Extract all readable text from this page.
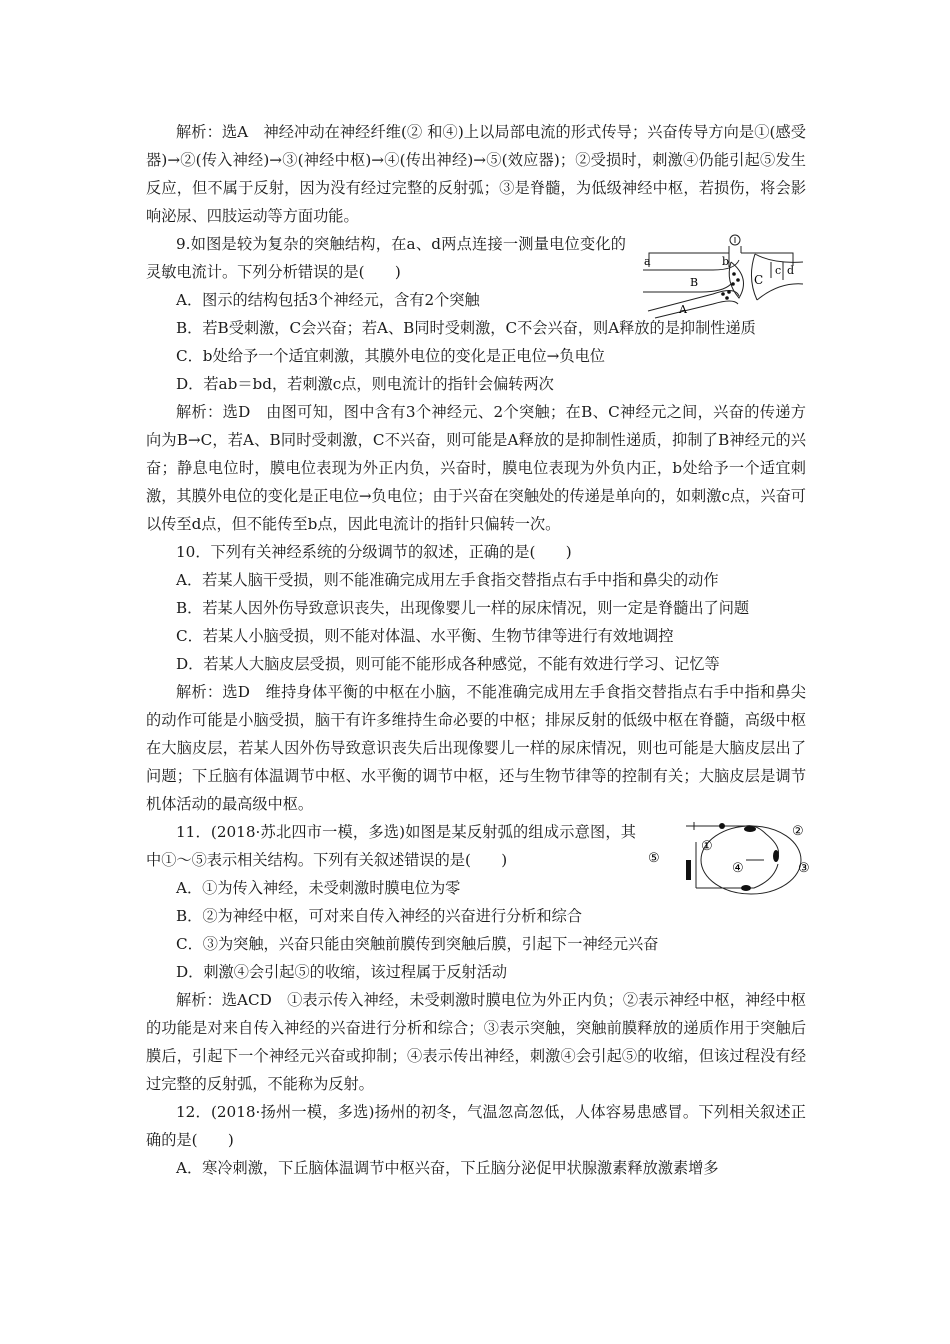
解析：选A　神经冲动在神经纤维(② 和④)上以局部电流的形式传导；兴奋传导方向是①(感受器)→②(传入神经)→③(神经中枢)→④(传出神经)→⑤(效应器)；②受损时，刺激④仍能引起⑤发生反应，但不属于反射，因为没有经过完整的反射弧；③是脊髓，为低级神经中枢，若损伤，将会影响泌尿、四肢运动等方面功能。

9.如图是较为复杂的突触结构，在a、d两点连接一测量电位变化的灵敏电流计。下列分析错误的是(　　)

A．图示的结构包括3个神经元，含有2个突触

a	b
c d
B
A
C

B．若B受刺激，C会兴奋；若A、B同时受刺激，C不会兴奋，则A释放的是抑制性递质

C．b处给予一个适宜刺激，其膜外电位的变化是正电位→负电位

D．若ab＝bd，若刺激c点，则电流计的指针会偏转两次

解析：选D　由图可知，图中含有3个神经元、2个突触；在B、C神经元之间，兴奋的传递方向为B→C，若A、B同时受刺激，C不兴奋，则可能是A释放的是抑制性递质，抑制了B神经元的兴奋；静息电位时，膜电位表现为外正内负，兴奋时，膜电位表现为外负内正，b处给予一个适宜刺激，其膜外电位的变化是正电位→负电位；由于兴奋在突触处的传递是单向的，如刺激c点，兴奋可以传至d点，但不能传至b点，因此电流计的指针只偏转一次。

10．下列有关神经系统的分级调节的叙述，正确的是(　　)

A．若某人脑干受损，则不能准确完成用左手食指交替指点右手中指和鼻尖的动作

B．若某人因外伤导致意识丧失，出现像婴儿一样的尿床情况，则一定是脊髓出了问题

C．若某人小脑受损，则不能对体温、水平衡、生物节律等进行有效地调控

D．若某人大脑皮层受损，则可能不能形成各种感觉，不能有效进行学习、记忆等

解析：选D　维持身体平衡的中枢在小脑，不能准确完成用左手食指交替指点右手中指和鼻尖的动作可能是小脑受损，脑干有许多维持生命必要的中枢；排尿反射的低级中枢在脊髓，高级中枢在大脑皮层，若某人因外伤导致意识丧失后出现像婴儿一样的尿床情况，则也可能是大脑皮层出了问题；下丘脑有体温调节中枢、水平衡的调节中枢，还与生物节律等的控制有关；大脑皮层是调节机体活动的最高级中枢。

11．(2018·苏北四市一模，多选)如图是某反射弧的组成示意图，其中①～⑤表示相关结构。下列有关叙述错误的是(　　)

A．①为传入神经，未受刺激时膜电位为零

①
②
③
④
⑤

B．②为神经中枢，可对来自传入神经的兴奋进行分析和综合

C．③为突触，兴奋只能由突触前膜传到突触后膜，引起下一神经元兴奋

D．刺激④会引起⑤的收缩，该过程属于反射活动

解析：选ACD　①表示传入神经，未受刺激时膜电位为外正内负；②表示神经中枢，神经中枢的功能是对来自传入神经的兴奋进行分析和综合；③表示突触，突触前膜释放的递质作用于突触后膜后，引起下一个神经元兴奋或抑制；④表示传出神经，刺激④会引起⑤的收缩，但该过程没有经过完整的反射弧，不能称为反射。

12．(2018·扬州一模，多选)扬州的初冬，气温忽高忽低，人体容易患感冒。下列相关叙述正确的是(　　)

A．寒冷刺激，下丘脑体温调节中枢兴奋，下丘脑分泌促甲状腺激素释放激素增多
